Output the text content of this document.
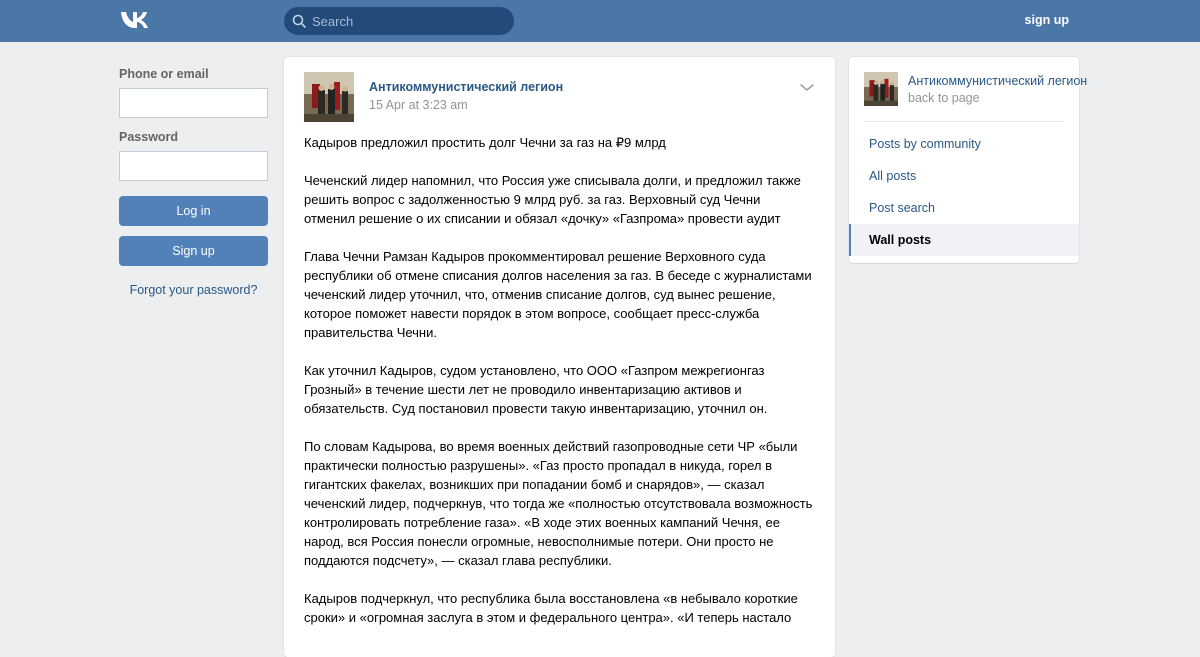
Search
sign up
Phone or email
Password
Log in
Sign up
Forgot your password?
Антикоммунистический легион
15 Apr at 3:23 am

Кадыров предложил простить долг Чечни за газ на ₽9 млрд

Чеченский лидер напомнил, что Россия уже списывала долги, и предложил также решить вопрос с задолженностью 9 млрд руб. за газ. Верховный суд Чечни отменил решение о их списании и обязал «дочку» «Газпрома» провести аудит

Глава Чечни Рамзан Кадыров прокомментировал решение Верховного суда республики об отмене списания долгов населения за газ. В беседе с журналистами чеченский лидер уточнил, что, отменив списание долгов, суд вынес решение, которое поможет навести порядок в этом вопросе, сообщает пресс-служба правительства Чечни.

Как уточнил Кадыров, судом установлено, что ООО «Газпром межрегионгаз Грозный» в течение шести лет не проводило инвентаризацию активов и обязательств. Суд постановил провести такую инвентаризацию, уточнил он.

По словам Кадырова, во время военных действий газопроводные сети ЧР «были практически полностью разрушены». «Газ просто пропадал в никуда, горел в гигантских факелах, возникших при попадании бомб и снарядов», — сказал чеченский лидер, подчеркнув, что тогда же «полностью отсутствовала возможность контролировать потребление газа». «В ходе этих военных кампаний Чечня, ее народ, вся Россия понесли огромные, невосполнимые потери. Они просто не поддаются подсчету», — сказал глава республики.

Кадыров подчеркнул, что республика была восстановлена «в небывало короткие сроки» и «огромная заслуга в этом и федерального центра». «И теперь настало

Антикоммунистический легион
back to page
Posts by community
All posts
Post search
Wall posts
